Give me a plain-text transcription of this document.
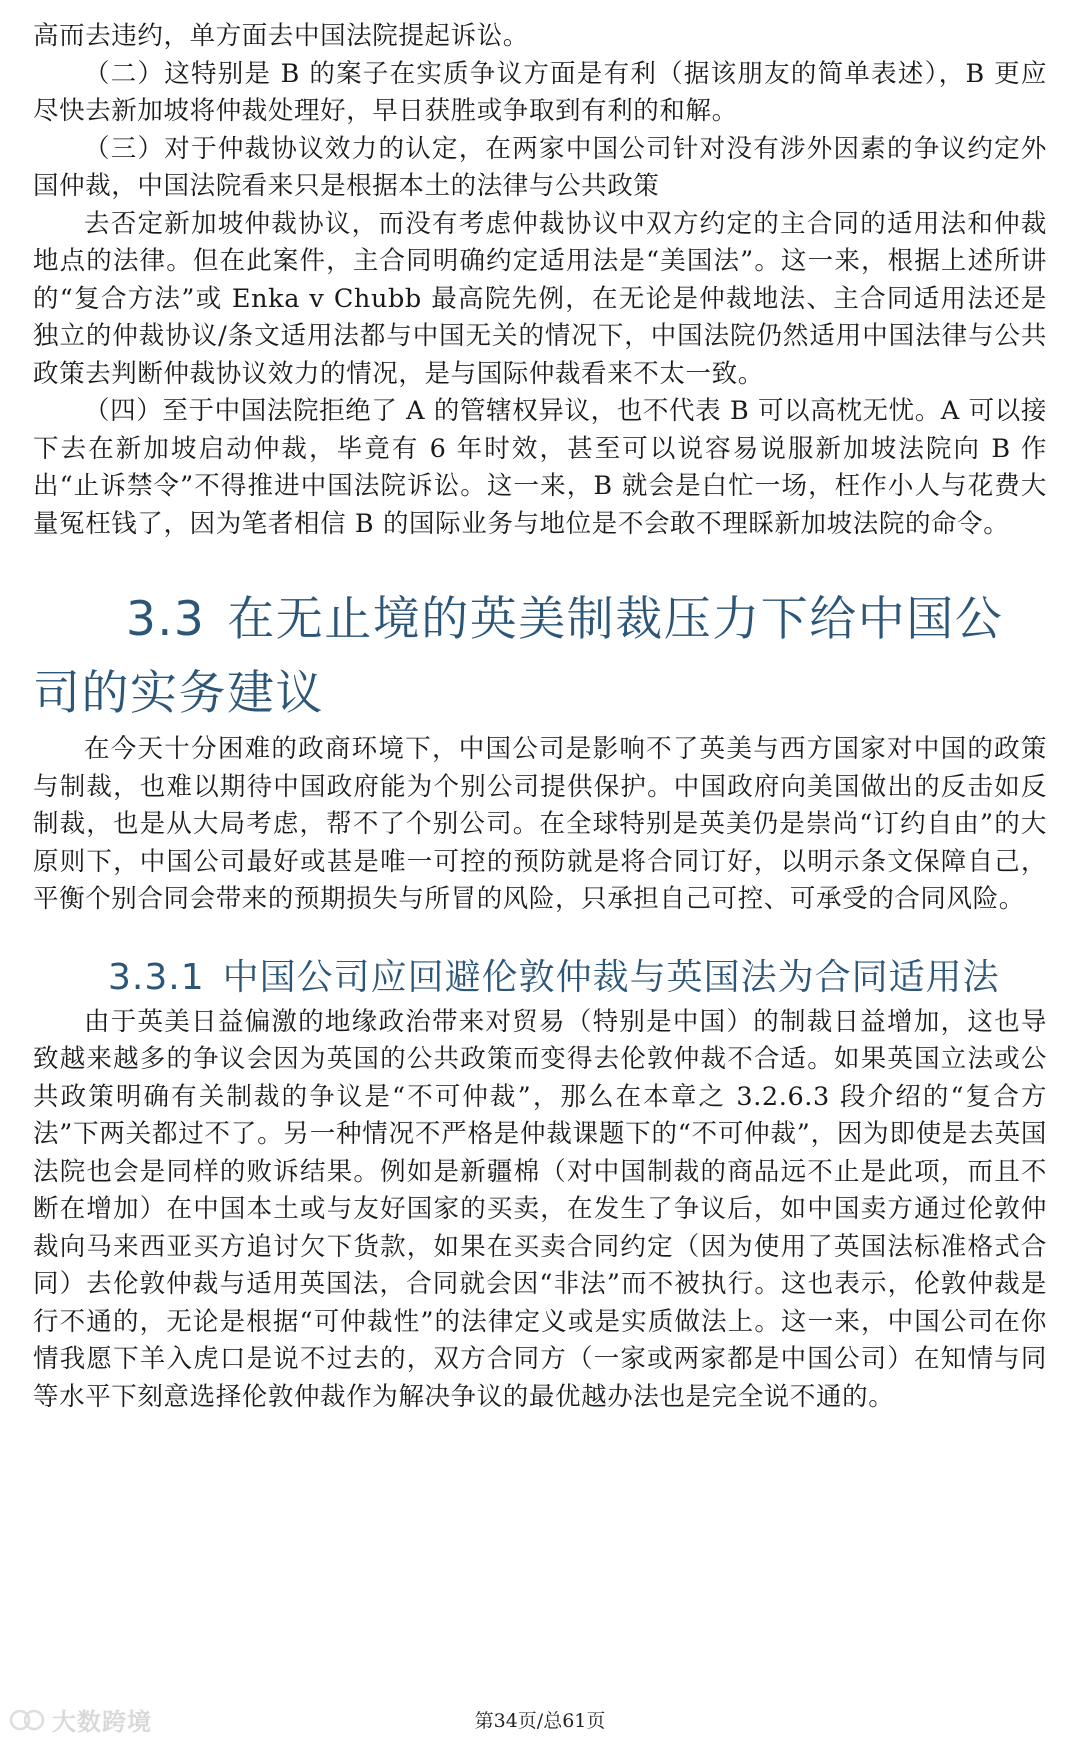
高而去违约，单方面去中国法院提起诉讼。

（二）这特别是 B 的案子在实质争议方面是有利（据该朋友的简单表述），B 更应尽快去新加坡将仲裁处理好，早日获胜或争取到有利的和解。

（三）对于仲裁协议效力的认定，在两家中国公司针对没有涉外因素的争议约定外国仲裁，中国法院看来只是根据本土的法律与公共政策

去否定新加坡仲裁协议，而没有考虑仲裁协议中双方约定的主合同的适用法和仲裁地点的法律。但在此案件，主合同明确约定适用法是“美国法”。这一来，根据上述所讲的“复合方法”或 Enka v Chubb 最高院先例，在无论是仲裁地法、主合同适用法还是独立的仲裁协议/条文适用法都与中国无关的情况下，中国法院仍然适用中国法律与公共政策去判断仲裁协议效力的情况，是与国际仲裁看来不太一致。

（四）至于中国法院拒绝了 A 的管辖权异议，也不代表 B 可以高枕无忧。A 可以接下去在新加坡启动仲裁，毕竟有 6 年时效，甚至可以说容易说服新加坡法院向 B 作出“止诉禁令”不得推进中国法院诉讼。这一来，B 就会是白忙一场，枉作小人与花费大量冤枉钱了，因为笔者相信 B 的国际业务与地位是不会敢不理睬新加坡法院的命令。

3.3 在无止境的英美制裁压力下给中国公司的实务建议

在今天十分困难的政商环境下，中国公司是影响不了英美与西方国家对中国的政策与制裁，也难以期待中国政府能为个别公司提供保护。中国政府向美国做出的反击如反制裁，也是从大局考虑，帮不了个别公司。在全球特别是英美仍是崇尚“订约自由”的大原则下，中国公司最好或甚是唯一可控的预防就是将合同订好，以明示条文保障自己，平衡个别合同会带来的预期损失与所冒的风险，只承担自己可控、可承受的合同风险。

3.3.1 中国公司应回避伦敦仲裁与英国法为合同适用法

由于英美日益偏激的地缘政治带来对贸易（特别是中国）的制裁日益增加，这也导致越来越多的争议会因为英国的公共政策而变得去伦敦仲裁不合适。如果英国立法或公共政策明确有关制裁的争议是“不可仲裁”，那么在本章之 3.2.6.3 段介绍的“复合方法”下两关都过不了。另一种情况不严格是仲裁课题下的“不可仲裁”，因为即使是去英国法院也会是同样的败诉结果。例如是新疆棉（对中国制裁的商品远不止是此项，而且不断在增加）在中国本土或与友好国家的买卖，在发生了争议后，如中国卖方通过伦敦仲裁向马来西亚买方追讨欠下货款，如果在买卖合同约定（因为使用了英国法标准格式合同）去伦敦仲裁与适用英国法，合同就会因“非法”而不被执行。这也表示，伦敦仲裁是行不通的，无论是根据“可仲裁性”的法律定义或是实质做法上。这一来，中国公司在你情我愿下羊入虎口是说不过去的，双方合同方（一家或两家都是中国公司）在知情与同等水平下刻意选择伦敦仲裁作为解决争议的最优越办法也是完全说不通的。

大数跨境	第34页/总61页
